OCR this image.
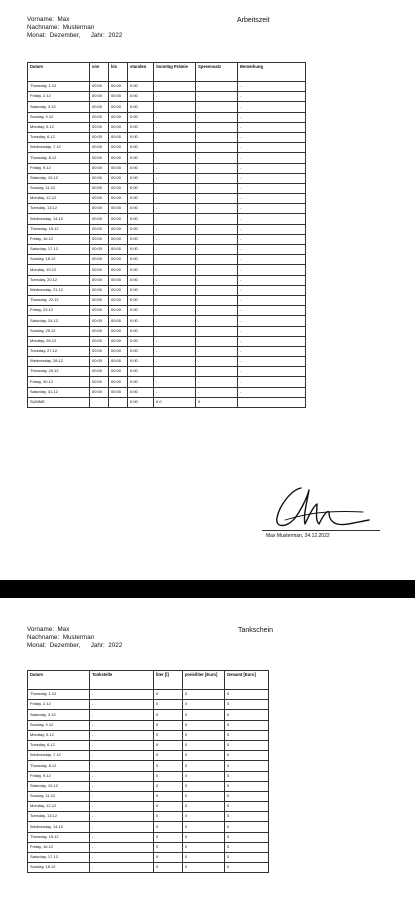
Vorname:  Max
Nachname:  Musterman
Monat:  Dezember,      Jahr:  2022
Arbeitszeit
Datum	von	bis	stunden	Sonntäg Prämie	Spesensatz	Bemerkung
Thursday, 1.12	00:00	00:00	0:00	-	-	-
Friday, 2.12	00:00	00:00	0:00	-	-	-
Saturday, 3.12	00:00	00:00	0:00	-	-	-
Sunday, 4.12	00:00	00:00	0:00	-	-	-
Monday, 5.12	00:00	00:00	0:00	-	-	-
Tuesday, 6.12	00:00	00:00	0:00	-	-	-
Wednesday, 7.12	00:00	00:00	0:00	-	-	-
Thursday, 8.12	00:00	00:00	0:00	-	-	-
Friday, 9.12	00:00	00:00	0:00	-	-	-
Saturday, 10.12	00:00	00:00	0:00	-	-	-
Sunday, 11.12	00:00	00:00	0:00	-	-	-
Monday, 12.12	00:00	00:00	0:00	-	-	-
Tuesday, 13.12	00:00	00:00	0:00	-	-	-
Wednesday, 14.12	00:00	00:00	0:00	-	-	-
Thursday, 15.12	00:00	00:00	0:00	-	-	-
Friday, 16.12	00:00	00:00	0:00	-	-	-
Saturday, 17.12	00:00	00:00	0:00	-	-	-
Sunday, 18.12	00:00	00:00	0:00	-	-	-
Monday, 19.12	00:00	00:00	0:00	-	-	-
Tuesday, 20.12	00:00	00:00	0:00	-	-	-
Wednesday, 21.12	00:00	00:00	0:00	-	-	-
Thursday, 22.12	00:00	00:00	0:00	-	-	-
Friday, 23.12	00:00	00:00	0:00	-	-	-
Saturday, 24.12	00:00	00:00	0:00	-	-	-
Sunday, 25.12	00:00	00:00	0:00	-	-	-
Monday, 26.12	00:00	00:00	0:00	-	-	-
Tuesday, 27.12	00:00	00:00	0:00	-	-	-
Wednesday, 28.12	00:00	00:00	0:00	-	-	-
Thursday, 29.12	00:00	00:00	0:00	-	-	-
Friday, 30.12	00:00	00:00	0:00	-	-	-
Saturday, 31.12	00:00	00:00	0:00	-	-	-
SUMME			0:00	0.0	0	
Max Musterman, 24.12.2022
Vorname:  Max
Nachname:  Musterman
Monat:  Dezember,      Jahr:  2022
Tankschein
Datum	Tankstelle	liter [l]	preis/liter [Euro]	Gesamt [Euro]
Thursday, 1.12	-	0	0	0
Friday, 2.12	-	0	0	0
Saturday, 3.12	-	0	0	0
Sunday, 4.12	-	0	0	0
Monday, 5.12	-	0	0	0
Tuesday, 6.12	-	0	0	0
Wednesday, 7.12	-	0	0	0
Thursday, 8.12	-	0	0	0
Friday, 9.12	-	0	0	0
Saturday, 10.12	-	0	0	0
Sunday, 11.12	-	0	0	0
Monday, 12.12	-	0	0	0
Tuesday, 13.12	-	0	0	0
Wednesday, 14.12	-	0	0	0
Thursday, 15.12	-	0	0	0
Friday, 16.12	-	0	0	0
Saturday, 17.12	-	0	0	0
Sunday, 18.12	-	0	0	0
